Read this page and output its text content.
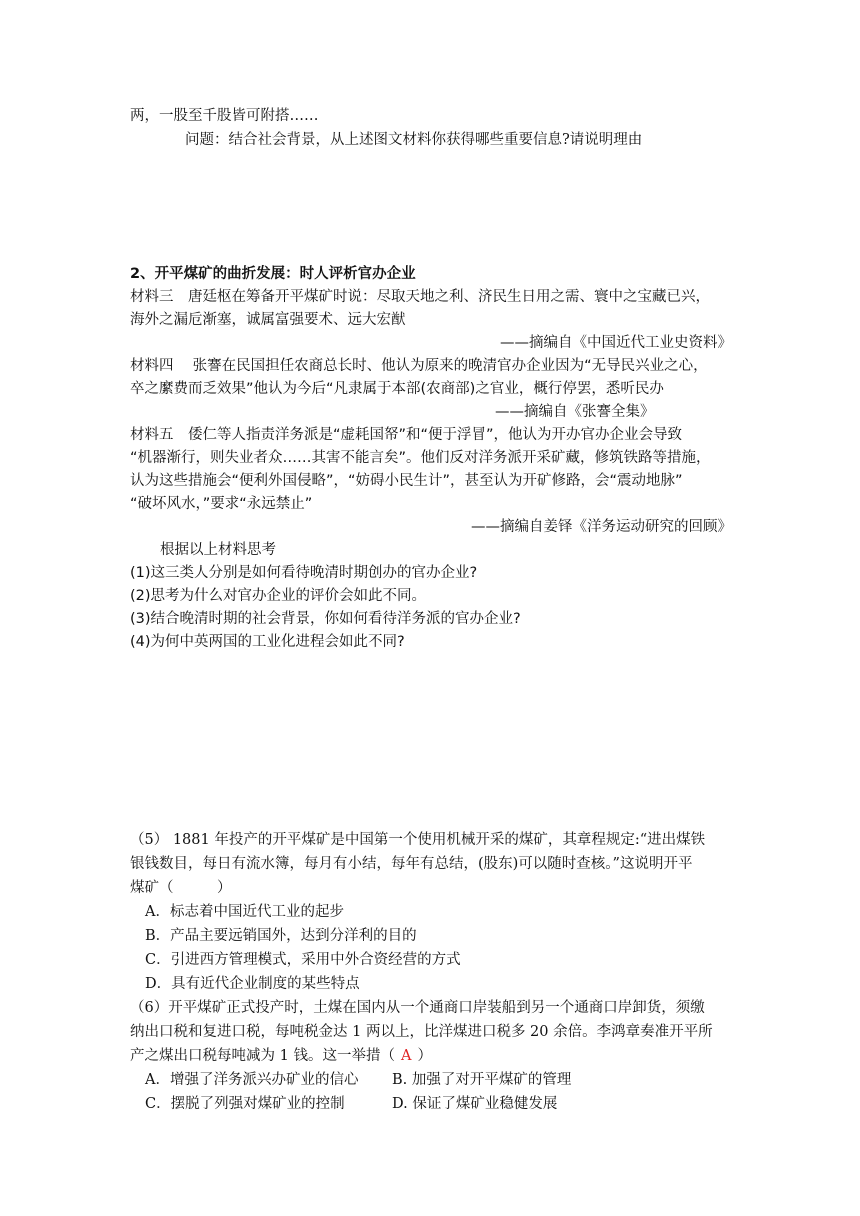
两，一股至千股皆可附搭……
问题：结合社会背景，从上述图文材料你获得哪些重要信息?请说明理由
2、开平煤矿的曲折发展：时人评析官办企业
材料三　唐廷枢在筹备开平煤矿时说：尽取天地之利、济民生日用之需、寰中之宝藏已兴，
海外之漏卮渐塞，诚属富强要术、远大宏猷
——摘编自《中国近代工业史资料》
材料四　 张謇在民国担任农商总长时、他认为原来的晚清官办企业因为“无导民兴业之心，
卒之縻费而乏效果”他认为今后“凡隶属于本部(农商部)之官业，概行停罢，悉听民办
——摘编自《张謇全集》
材料五　倭仁等人指责洋务派是“虚耗国帑”和“便于浮冒”，他认为开办官办企业会导致
“机器渐行，则失业者众……其害不能言矣”。他们反对洋务派开采矿藏，修筑铁路等措施，
认为这些措施会“便利外国侵略”，“妨碍小民生计”，甚至认为开矿修路，会“震动地脉”
“破坏风水，”要求“永远禁止”
——摘编自姜铎《洋务运动研究的回顾》
根据以上材料思考
(1)这三类人分别是如何看待晚清时期创办的官办企业?
(2)思考为什么对官办企业的评价会如此不同。
(3)结合晚清时期的社会背景，你如何看待洋务派的官办企业?
(4)为何中英两国的工业化进程会如此不同?
（5） 1881 年投产的开平煤矿是中国第一个使用机械开采的煤矿，其章程规定:“进出煤铁
银钱数目，每日有流水簿，每月有小结，每年有总结，(股东)可以随时查核。”这说明开平
煤矿（　　　）
A．标志着中国近代工业的起步
B．产品主要远销国外，达到分洋利的目的
C．引进西方管理模式，采用中外合资经营的方式
D．具有近代企业制度的某些特点
（6）开平煤矿正式投产时，土煤在国内从一个通商口岸装船到另一个通商口岸卸货，须缴
纳出口税和复进口税，每吨税金达 1 两以上，比洋煤进口税多 20 余倍。李鸿章奏准开平所
产之煤出口税每吨减为 1 钱。这一举措（ A ）
A．增强了洋务派兴办矿业的信心 B. 加强了对开平煤矿的管理
C．摆脱了列强对煤矿业的控制	D. 保证了煤矿业稳健发展
